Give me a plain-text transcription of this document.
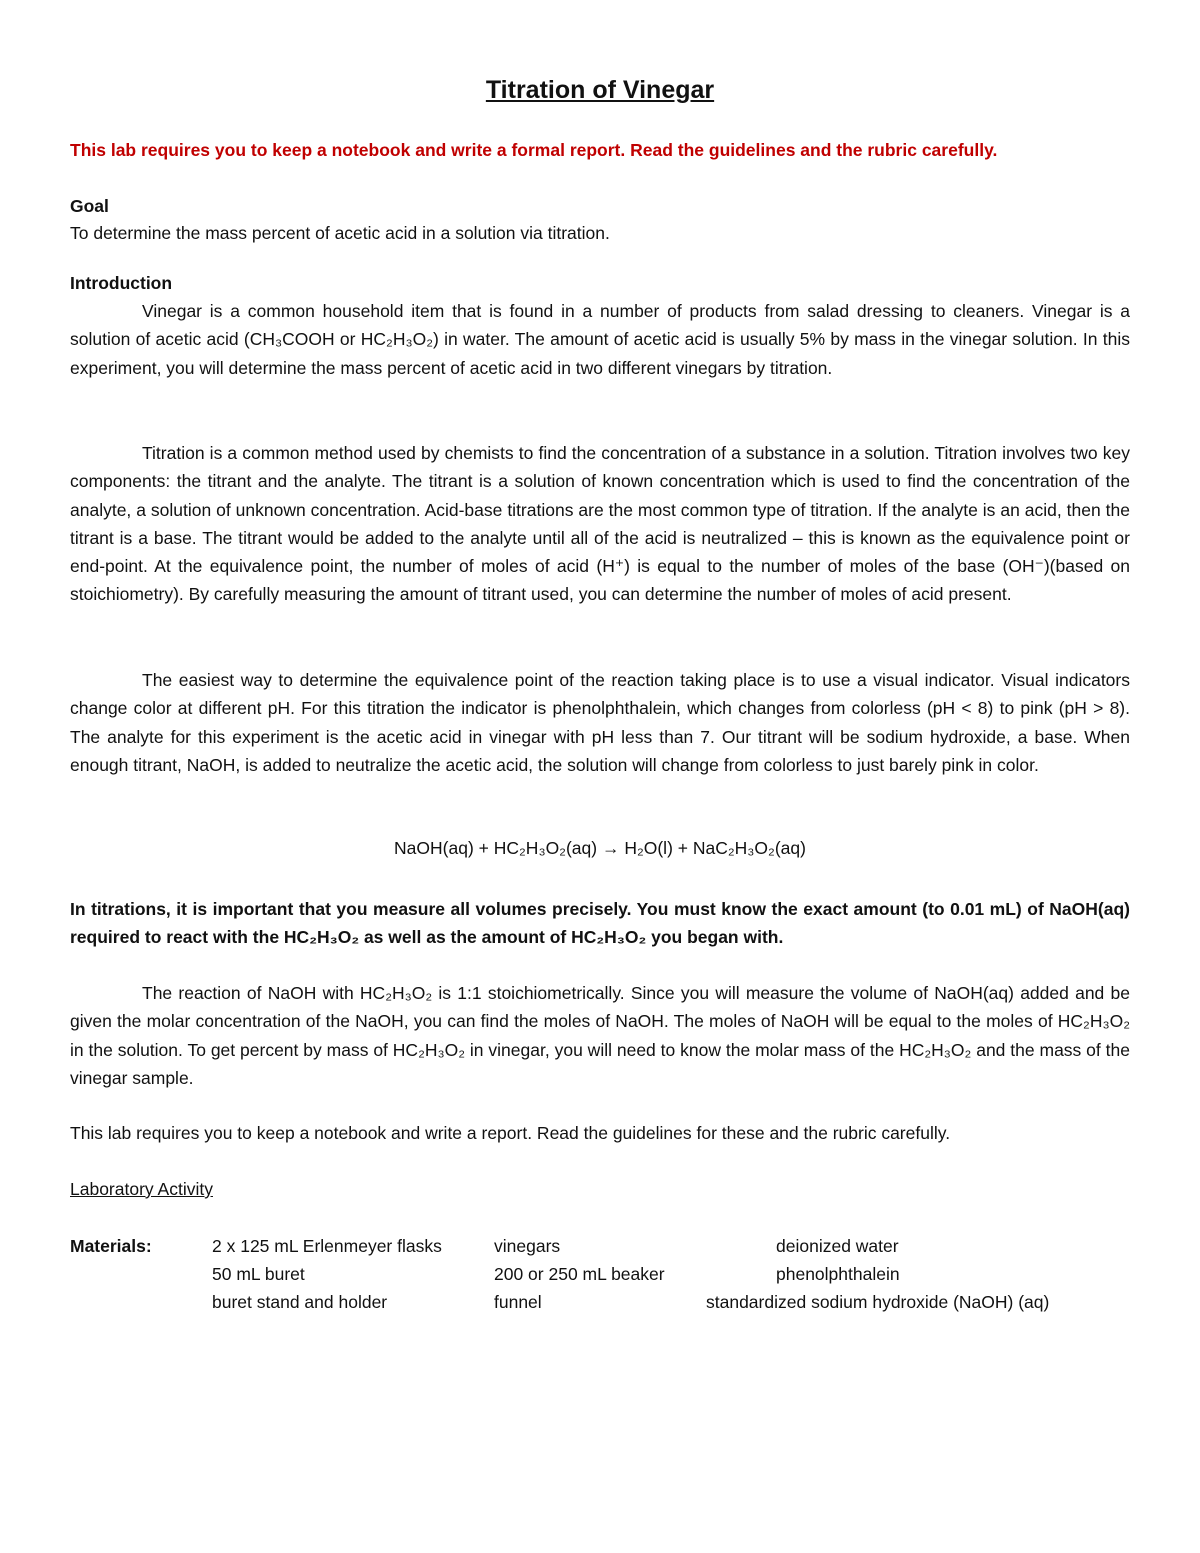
Titration of Vinegar
This lab requires you to keep a notebook and write a formal report. Read the guidelines and the rubric carefully.
Goal
To determine the mass percent of acetic acid in a solution via titration.
Introduction
Vinegar is a common household item that is found in a number of products from salad dressing to cleaners. Vinegar is a solution of acetic acid (CH₃COOH or HC₂H₃O₂) in water. The amount of acetic acid is usually 5% by mass in the vinegar solution. In this experiment, you will determine the mass percent of acetic acid in two different vinegars by titration.
Titration is a common method used by chemists to find the concentration of a substance in a solution. Titration involves two key components: the titrant and the analyte. The titrant is a solution of known concentration which is used to find the concentration of the analyte, a solution of unknown concentration. Acid-base titrations are the most common type of titration. If the analyte is an acid, then the titrant is a base. The titrant would be added to the analyte until all of the acid is neutralized – this is known as the equivalence point or end-point. At the equivalence point, the number of moles of acid (H⁺) is equal to the number of moles of the base (OH⁻)(based on stoichiometry). By carefully measuring the amount of titrant used, you can determine the number of moles of acid present.
The easiest way to determine the equivalence point of the reaction taking place is to use a visual indicator. Visual indicators change color at different pH. For this titration the indicator is phenolphthalein, which changes from colorless (pH < 8) to pink (pH > 8). The analyte for this experiment is the acetic acid in vinegar with pH less than 7. Our titrant will be sodium hydroxide, a base. When enough titrant, NaOH, is added to neutralize the acetic acid, the solution will change from colorless to just barely pink in color.
NaOH(aq) + HC₂H₃O₂(aq) → H₂O(l) + NaC₂H₃O₂(aq)
In titrations, it is important that you measure all volumes precisely. You must know the exact amount (to 0.01 mL) of NaOH(aq) required to react with the HC₂H₃O₂ as well as the amount of HC₂H₃O₂ you began with.
The reaction of NaOH with HC₂H₃O₂ is 1:1 stoichiometrically. Since you will measure the volume of NaOH(aq) added and be given the molar concentration of the NaOH, you can find the moles of NaOH. The moles of NaOH will be equal to the moles of HC₂H₃O₂ in the solution. To get percent by mass of HC₂H₃O₂ in vinegar, you will need to know the molar mass of the HC₂H₃O₂ and the mass of the vinegar sample.
This lab requires you to keep a notebook and write a report. Read the guidelines for these and the rubric carefully.
Laboratory Activity
Materials:	2 x 125 mL Erlenmeyer flasks
50 mL buret
buret stand and holder
vinegars
200 or 250 mL beaker
funnel
deionized water
phenolphthalein
standardized sodium hydroxide (NaOH) (aq)
